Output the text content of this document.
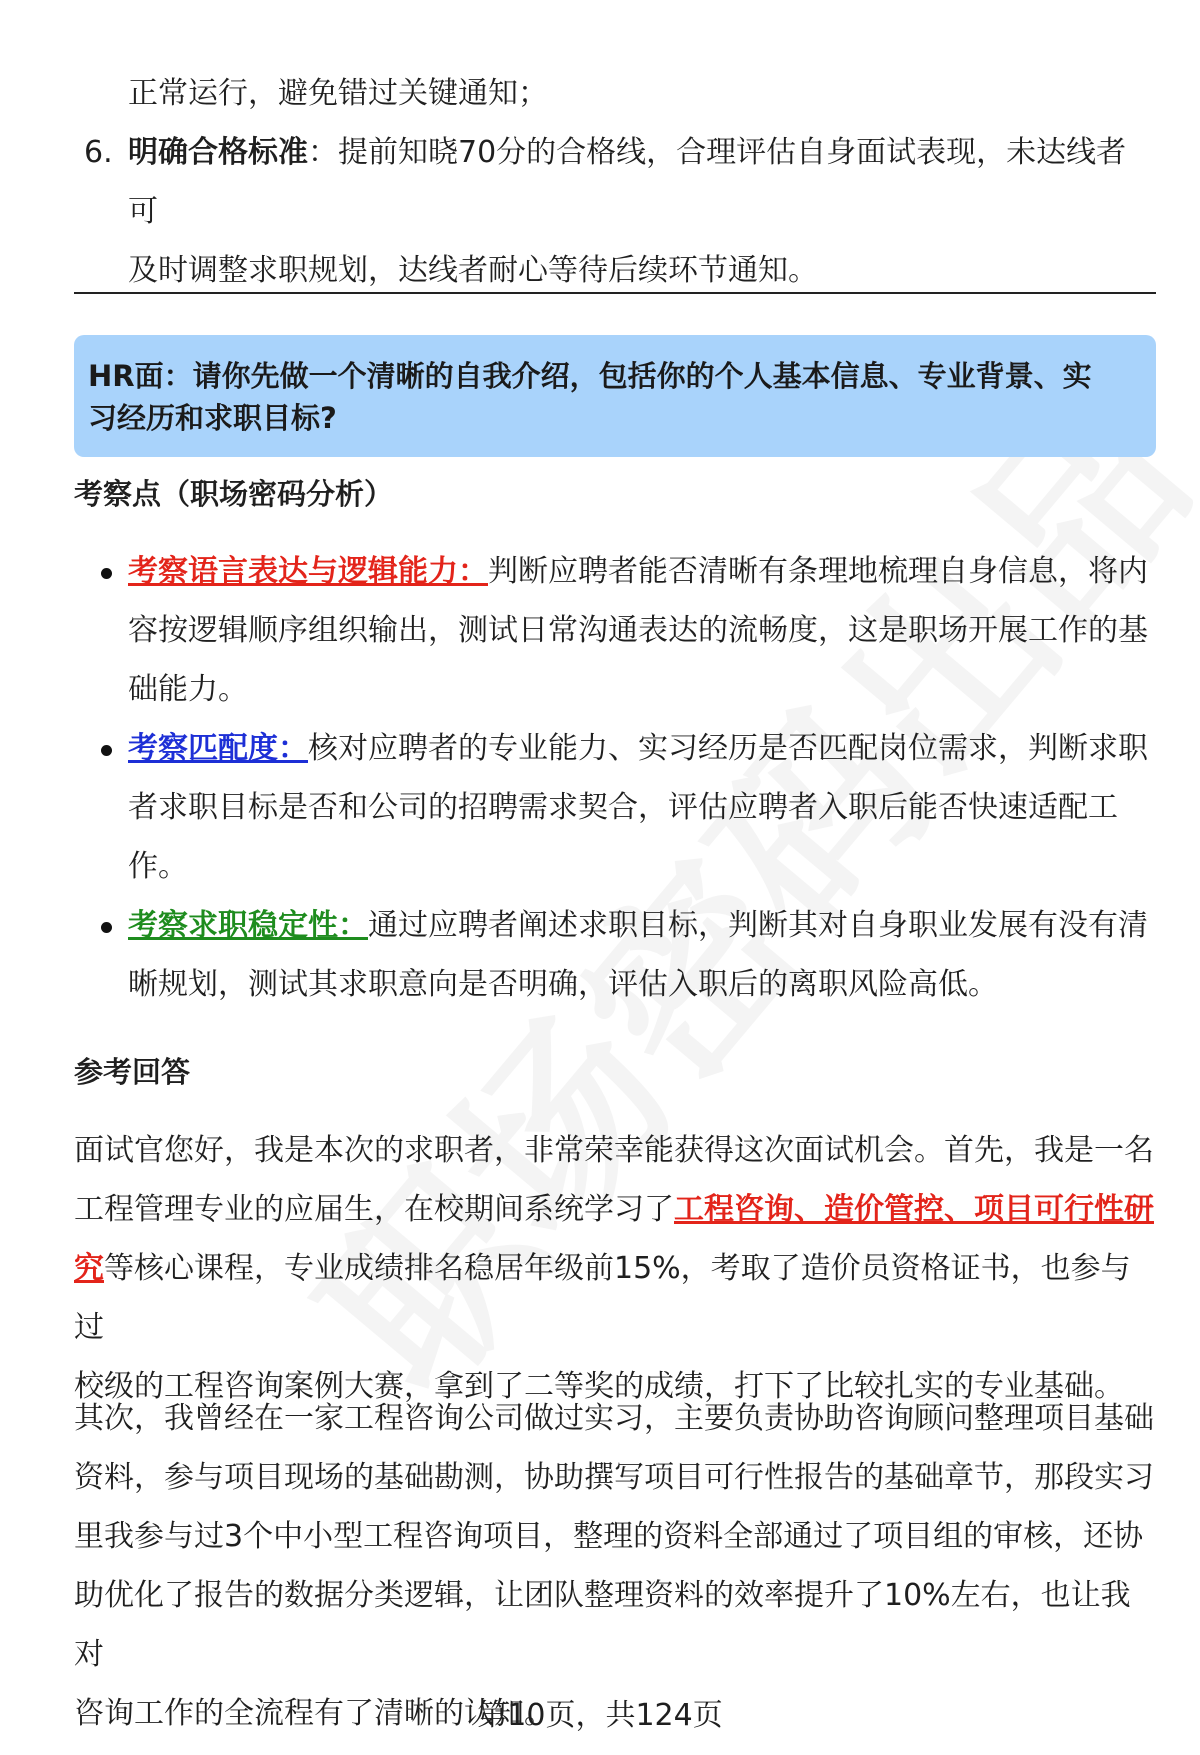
正常运行，避免错过关键通知；
6. 明确合格标准：提前知晓70分的合格线，合理评估自身面试表现，未达线者可
及时调整求职规划，达线者耐心等待后续环节通知。
HR面：请你先做一个清晰的自我介绍，包括你的个人基本信息、专业背景、实
习经历和求职目标?
考察点（职场密码分析）
考察语言表达与逻辑能力：判断应聘者能否清晰有条理地梳理自身信息，将内
容按逻辑顺序组织输出，测试日常沟通表达的流畅度，这是职场开展工作的基
础能力。
考察匹配度：核对应聘者的专业能力、实习经历是否匹配岗位需求，判断求职
者求职目标是否和公司的招聘需求契合，评估应聘者入职后能否快速适配工
作。
考察求职稳定性：通过应聘者阐述求职目标，判断其对自身职业发展有没有清
晰规划，测试其求职意向是否明确，评估入职后的离职风险高低。
参考回答
面试官您好，我是本次的求职者，非常荣幸能获得这次面试机会。首先，我是一名
工程管理专业的应届生，在校期间系统学习了工程咨询、造价管控、项目可行性研
究等核心课程，专业成绩排名稳居年级前15%，考取了造价员资格证书，也参与过
校级的工程咨询案例大赛，拿到了二等奖的成绩，打下了比较扎实的专业基础。
其次，我曾经在一家工程咨询公司做过实习，主要负责协助咨询顾问整理项目基础
资料，参与项目现场的基础勘测，协助撰写项目可行性报告的基础章节，那段实习
里我参与过3个中小型工程咨询项目，整理的资料全部通过了项目组的审核，还协
助优化了报告的数据分类逻辑，让团队整理资料的效率提升了10%左右，也让我对
咨询工作的全流程有了清晰的认知。
第10页，共124页
